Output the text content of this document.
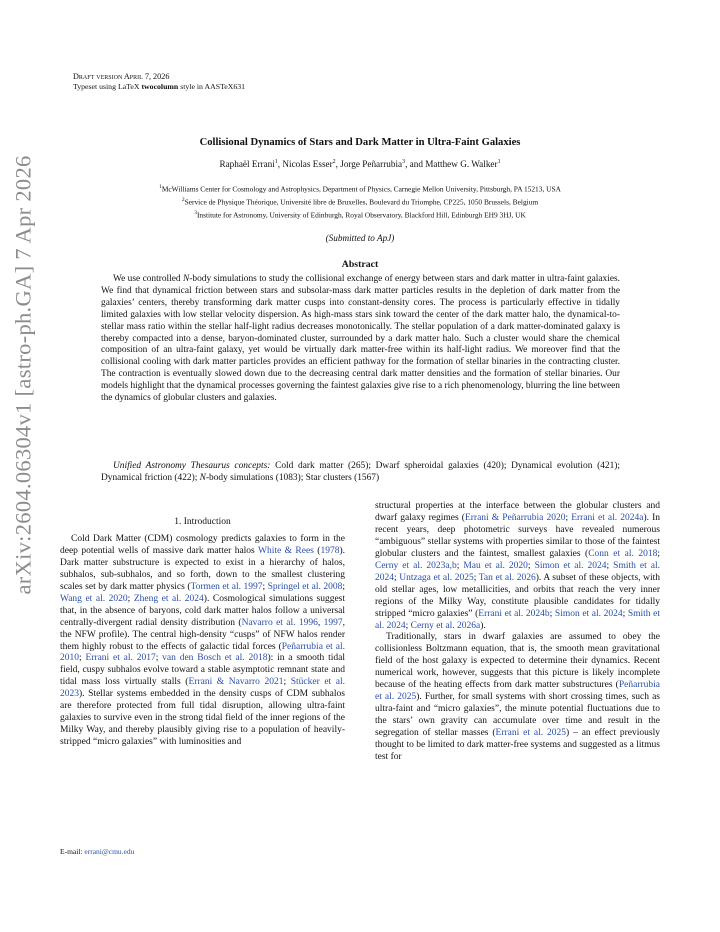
arXiv:2604.06304v1 [astro-ph.GA] 7 Apr 2026
Draft version April 7, 2026
Typeset using LaTeX twocolumn style in AASTeX631
Collisional Dynamics of Stars and Dark Matter in Ultra-Faint Galaxies
Raphaël Errani$^1$, Nicolas Esser$^2$, Jorge Peñarrubia$^3$, and Matthew G. Walker$^1$
$^1$McWilliams Center for Cosmology and Astrophysics, Department of Physics, Carnegie Mellon University, Pittsburgh, PA 15213, USA
$^2$Service de Physique Théorique, Université libre de Bruxelles, Boulevard du Triomphe, CP225, 1050 Brussels, Belgium
$^3$Institute for Astronomy, University of Edinburgh, Royal Observatory, Blackford Hill, Edinburgh EH9 3HJ, UK
(Submitted to ApJ)
Abstract
We use controlled N-body simulations to study the collisional exchange of energy between stars and dark matter in ultra-faint galaxies. We find that dynamical friction between stars and subsolar-mass dark matter particles results in the depletion of dark matter from the galaxies’ centers, thereby transforming dark matter cusps into constant-density cores. The process is particularly effective in tidally limited galaxies with low stellar velocity dispersion. As high-mass stars sink toward the center of the dark matter halo, the dynamical-to-stellar mass ratio within the stellar half-light radius decreases monotonically. The stellar population of a dark matter-dominated galaxy is thereby compacted into a dense, baryon-dominated cluster, surrounded by a dark matter halo. Such a cluster would share the chemical composition of an ultra-faint galaxy, yet would be virtually dark matter-free within its half-light radius. We moreover find that the collisional cooling with dark matter particles provides an efficient pathway for the formation of stellar binaries in the contracting cluster. The contraction is eventually slowed down due to the decreasing central dark matter densities and the formation of stellar binaries. Our models highlight that the dynamical processes governing the faintest galaxies give rise to a rich phenomenology, blurring the line between the dynamics of globular clusters and galaxies.
Unified Astronomy Thesaurus concepts: Cold dark matter (265); Dwarf spheroidal galaxies (420); Dynamical evolution (421); Dynamical friction (422); N-body simulations (1083); Star clusters (1567)
1. Introduction

Cold Dark Matter (CDM) cosmology predicts galaxies to form in the deep potential wells of massive dark matter halos White & Rees (1978). Dark matter substructure is expected to exist in a hierarchy of halos, subhalos, sub-subhalos, and so forth, down to the smallest clustering scales set by dark matter physics (Tormen et al. 1997; Springel et al. 2008; Wang et al. 2020; Zheng et al. 2024). Cosmological simulations suggest that, in the absence of baryons, cold dark matter halos follow a universal centrally-divergent radial density distribution (Navarro et al. 1996, 1997, the NFW profile). The central high-density “cusps” of NFW halos render them highly robust to the effects of galactic tidal forces (Peñarrubia et al. 2010; Errani et al. 2017; van den Bosch et al. 2018): in a smooth tidal field, cuspy subhalos evolve toward a stable asymptotic remnant state and tidal mass loss virtually stalls (Errani & Navarro 2021; Stücker et al. 2023). Stellar systems embedded in the density cusps of CDM subhalos are therefore protected from full tidal disruption, allowing ultra-faint galaxies to survive even in the strong tidal field of the inner regions of the Milky Way, and thereby plausibly giving rise to a population of heavily-stripped “micro galaxies” with luminosities and

structural properties at the interface between the globular clusters and dwarf galaxy regimes (Errani & Peñarrubia 2020; Errani et al. 2024a). In recent years, deep photometric surveys have revealed numerous “ambiguous” stellar systems with properties similar to those of the faintest globular clusters and the faintest, smallest galaxies (Conn et al. 2018; Cerny et al. 2023a,b; Mau et al. 2020; Simon et al. 2024; Smith et al. 2024; Untzaga et al. 2025; Tan et al. 2026). A subset of these objects, with old stellar ages, low metallicities, and orbits that reach the very inner regions of the Milky Way, constitute plausible candidates for tidally stripped “micro galaxies” (Errani et al. 2024b; Simon et al. 2024; Smith et al. 2024; Cerny et al. 2026a).

Traditionally, stars in dwarf galaxies are assumed to obey the collisionless Boltzmann equation, that is, the smooth mean gravitational field of the host galaxy is expected to determine their dynamics. Recent numerical work, however, suggests that this picture is likely incomplete because of the heating effects from dark matter substructures (Peñarrubia et al. 2025). Further, for small systems with short crossing times, such as ultra-faint and “micro galaxies”, the minute potential fluctuations due to the stars’ own gravity can accumulate over time and result in the segregation of stellar masses (Errani et al. 2025) – an effect previously thought to be limited to dark matter-free systems and suggested as a litmus test for

E-mail: errani@cmu.edu
